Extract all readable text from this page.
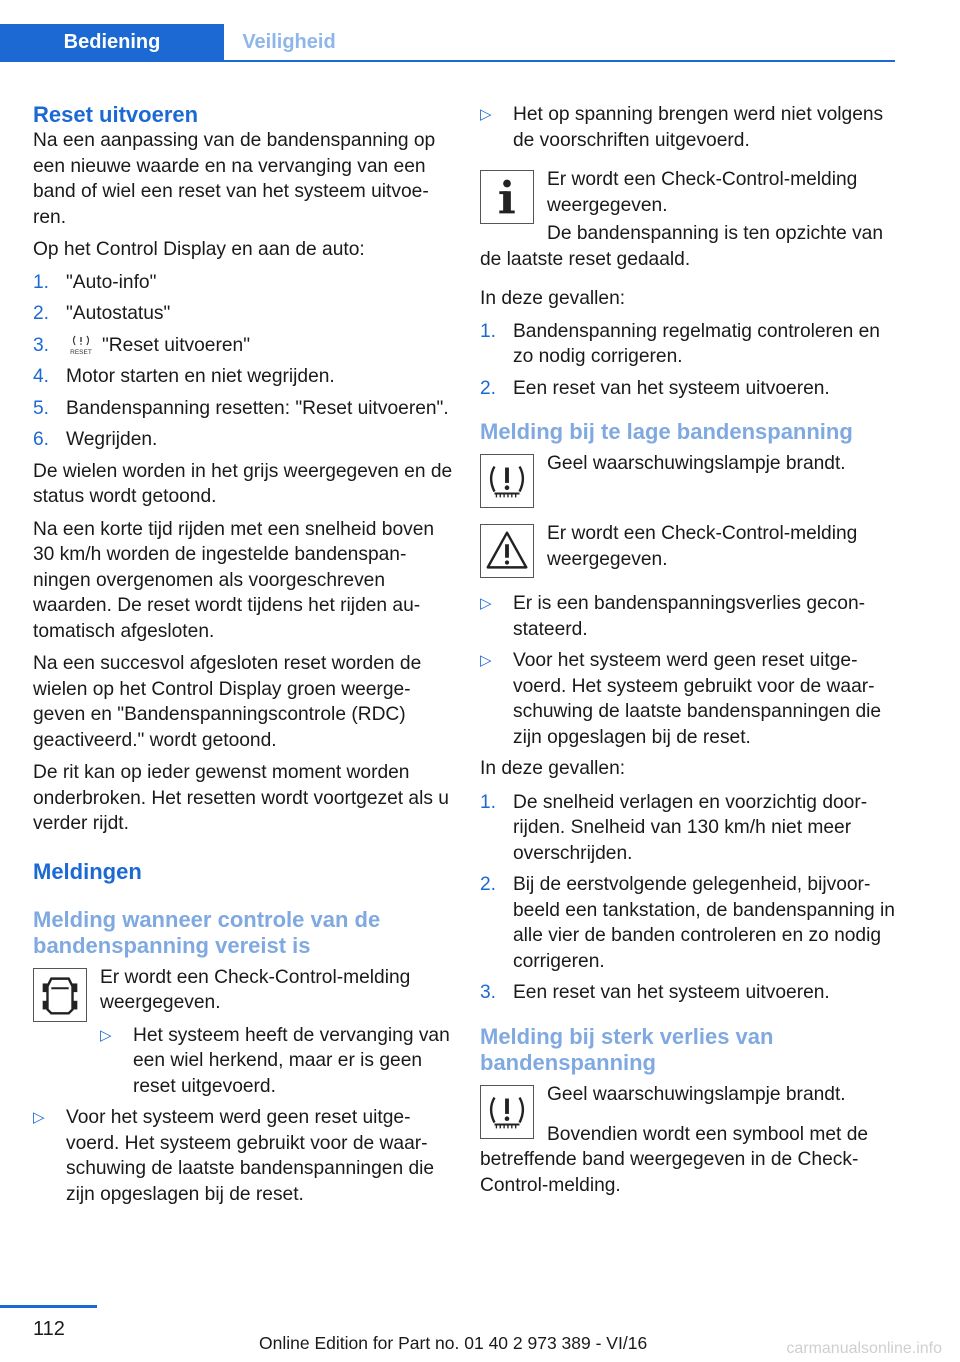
Bediening	Veiligheid
Reset uitvoeren

Na een aanpassing van de bandenspanning op een nieuwe waarde en na vervanging van een band of wiel een reset van het systeem uitvoeren.

Op het Control Display en aan de auto:

1. "Auto-info"
2. "Autostatus"
3.	RESET "Reset uitvoeren"
4. Motor starten en niet wegrijden.
5. Bandenspanning resetten: "Reset uitvoeren".
6. Wegrijden.

De wielen worden in het grijs weergegeven en de status wordt getoond.

Na een korte tijd rijden met een snelheid boven 30 km/h worden de ingestelde bandenspanningen overgenomen als voorgeschreven waarden. De reset wordt tijdens het rijden automatisch afgesloten.

Na een succesvol afgesloten reset worden de wielen op het Control Display groen weergegeven en "Bandenspanningscontrole (RDC) geactiveerd." wordt getoond.

De rit kan op ieder gewenst moment worden onderbroken. Het resetten wordt voortgezet als u verder rijdt.

Meldingen
Melding wanneer controle van de bandenspanning vereist is

Er wordt een Check-Control-melding weergegeven.

▷ Het systeem heeft de vervanging van een wiel herkend, maar er is geen reset uitgevoerd.
▷ Voor het systeem werd geen reset uitgevoerd. Het systeem gebruikt voor de waarschuwing de laatste bandenspanningen die zijn opgeslagen bij de reset.
▷ Het op spanning brengen werd niet volgens de voorschriften uitgevoerd.

Er wordt een Check-Control-melding weergegeven.

De bandenspanning is ten opzichte van de laatste reset gedaald.

In deze gevallen:

1. Bandenspanning regelmatig controleren en zo nodig corrigeren.
2. Een reset van het systeem uitvoeren.
Melding bij te lage bandenspanning

Geel waarschuwingslampje brandt.

Er wordt een Check-Control-melding weergegeven.

▷ Er is een bandenspanningsverlies geconstateerd.
▷ Voor het systeem werd geen reset uitgevoerd. Het systeem gebruikt voor de waarschuwing de laatste bandenspanningen die zijn opgeslagen bij de reset.

In deze gevallen:

1. De snelheid verlagen en voorzichtig doorrijden. Snelheid van 130 km/h niet meer overschrijden.
2. Bij de eerstvolgende gelegenheid, bijvoorbeeld een tankstation, de bandenspanning in alle vier de banden controleren en zo nodig corrigeren.
3. Een reset van het systeem uitvoeren.
Melding bij sterk verlies van bandenspanning

Geel waarschuwingslampje brandt.

Bovendien wordt een symbool met de betreffende band weergegeven in de Check-Control-melding.

112
Online Edition for Part no. 01 40 2 973 389 - VI/16	carmanualsonline.info
